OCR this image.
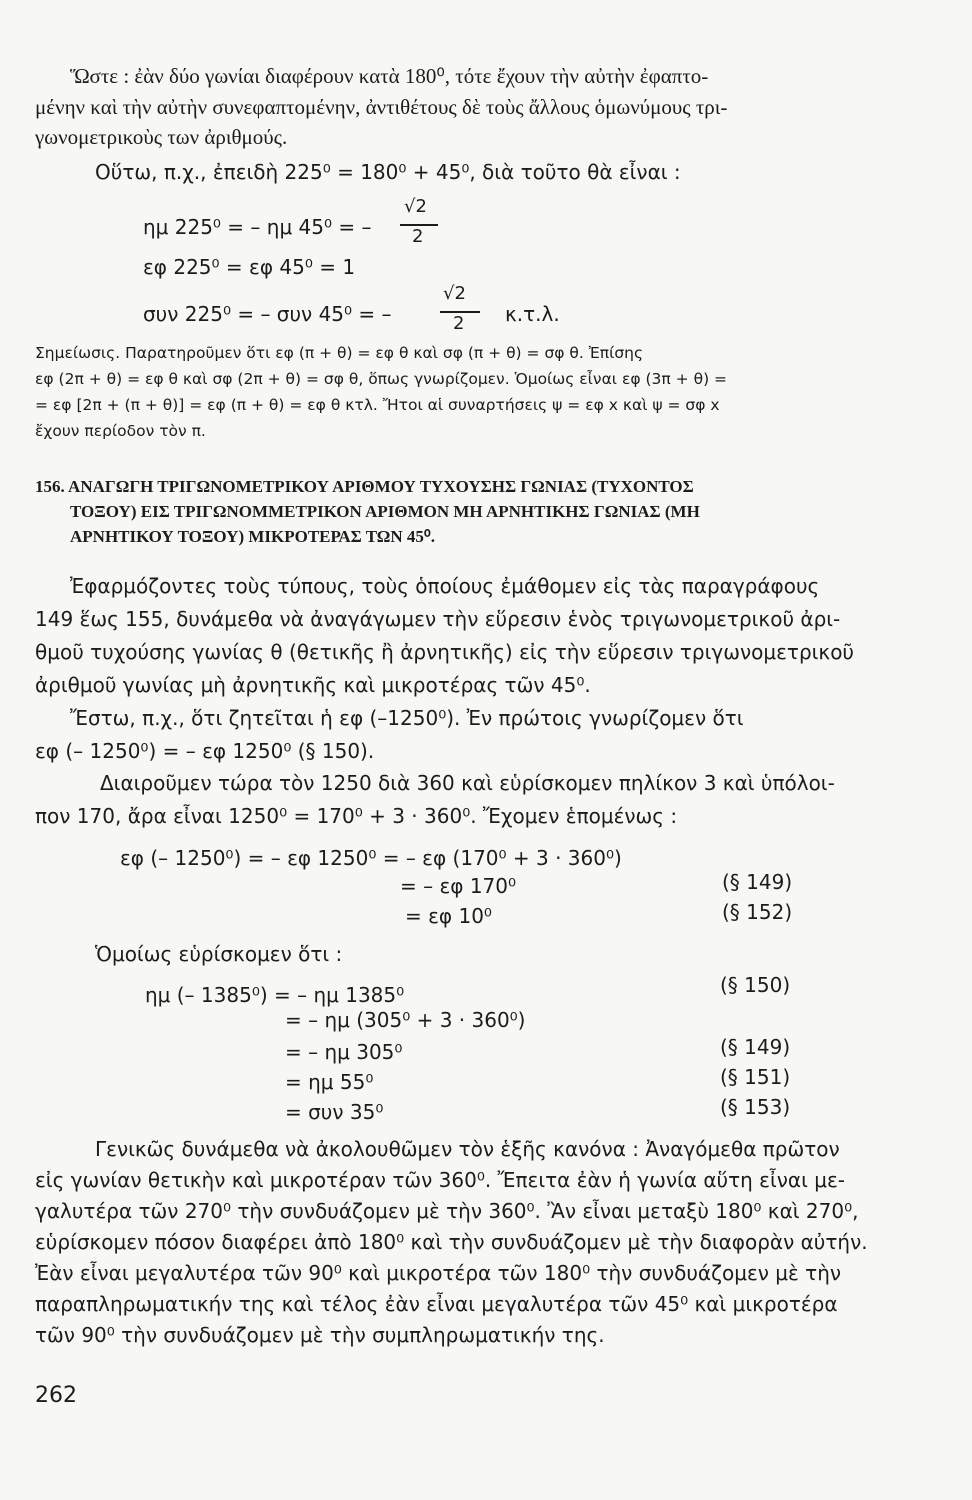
Ὥστε : ἐὰν δύο γωνίαι διαφέρουν κατὰ 180⁰, τότε ἔχουν τὴν αὐτὴν ἐφαπτο-
μένην καὶ τὴν αὐτὴν συνεφαπτομένην, ἀντιθέτους δὲ τοὺς ἄλλους ὁμωνύμους τρι-
γωνομετρικοὺς των ἀριθμούς.
Οὕτω, π.χ., ἐπειδὴ 225⁰ = 180⁰ + 45⁰, διὰ τοῦτο θὰ εἶναι :
ημ 225⁰ = – ημ 45⁰ = –
√2
2
εφ 225⁰ = εφ 45⁰ = 1
συν 225⁰ = – συν 45⁰ = –
√2
2 κ.τ.λ.
Σημείωσις. Παρατηροῦμεν ὅτι εφ (π + θ) = εφ θ καὶ σφ (π + θ) = σφ θ. Ἐπίσης
εφ (2π + θ) = εφ θ καὶ σφ (2π + θ) = σφ θ, ὅπως γνωρίζομεν. Ὁμοίως εἶναι εφ (3π + θ) =
= εφ [2π + (π + θ)] = εφ (π + θ) = εφ θ κτλ. Ἤτοι αἱ συναρτήσεις ψ = εφ x καὶ ψ = σφ x
ἔχουν περίοδον τὸν π.
156. ΑΝΑΓΩΓΗ ΤΡΙΓΩΝΟΜΕΤΡΙΚΟΥ ΑΡΙΘΜΟΥ ΤΥΧΟΥΣΗΣ ΓΩΝΙΑΣ (ΤΥΧΟΝΤΟΣ
ΤΟΞΟΥ) ΕΙΣ ΤΡΙΓΩΝΟΜΜΕΤΡΙΚΟΝ ΑΡΙΘΜΟΝ ΜΗ ΑΡΝΗΤΙΚΗΣ ΓΩΝΙΑΣ (ΜΗ
ΑΡΝΗΤΙΚΟΥ ΤΟΞΟΥ) ΜΙΚΡΟΤΕΡΑΣ ΤΩΝ 45⁰.
Ἐφαρμόζοντες τοὺς τύπους, τοὺς ὁποίους ἐμάθομεν εἰς τὰς παραγράφους
149 ἕως 155, δυνάμεθα νὰ ἀναγάγωμεν τὴν εὕρεσιν ἑνὸς τριγωνομετρικοῦ ἀρι-
θμοῦ τυχούσης γωνίας θ (θετικῆς ἢ ἀρνητικῆς) εἰς τὴν εὕρεσιν τριγωνομετρικοῦ
ἀριθμοῦ γωνίας μὴ ἀρνητικῆς καὶ μικροτέρας τῶν 45⁰.
Ἔστω, π.χ., ὅτι ζητεῖται ἡ εφ (–1250⁰). Ἐν πρώτοις γνωρίζομεν ὅτι
εφ (– 1250⁰) = – εφ 1250⁰ (§ 150).
Διαιροῦμεν τώρα τὸν 1250 διὰ 360 καὶ εὑρίσκομεν πηλίκον 3 καὶ ὑπόλοι-
πον 170, ἄρα εἶναι 1250⁰ = 170⁰ + 3 · 360⁰. Ἔχομεν ἑπομένως :
εφ (– 1250⁰) = – εφ 1250⁰ = – εφ (170⁰ + 3 · 360⁰)
= – εφ 170⁰	(§ 149)
= εφ 10⁰	(§ 152)
Ὁμοίως εὑρίσκομεν ὅτι :
ημ (– 1385⁰) = – ημ 1385⁰	(§ 150)
= – ημ (305⁰ + 3 · 360⁰)
= – ημ 305⁰	(§ 149)
= ημ 55⁰	(§ 151)
= συν 35⁰	(§ 153)
Γενικῶς δυνάμεθα νὰ ἀκολουθῶμεν τὸν ἑξῆς κανόνα : Ἀναγόμεθα πρῶτον
εἰς γωνίαν θετικὴν καὶ μικροτέραν τῶν 360⁰. Ἔπειτα ἐὰν ἡ γωνία αὕτη εἶναι με-
γαλυτέρα τῶν 270⁰ τὴν συνδυάζομεν μὲ τὴν 360⁰. Ἂν εἶναι μεταξὺ 180⁰ καὶ 270⁰,
εὑρίσκομεν πόσον διαφέρει ἀπὸ 180⁰ καὶ τὴν συνδυάζομεν μὲ τὴν διαφορὰν αὐτήν.
Ἐὰν εἶναι μεγαλυτέρα τῶν 90⁰ καὶ μικροτέρα τῶν 180⁰ τὴν συνδυάζομεν μὲ τὴν
παραπληρωματικήν της καὶ τέλος ἐὰν εἶναι μεγαλυτέρα τῶν 45⁰ καὶ μικροτέρα
τῶν 90⁰ τὴν συνδυάζομεν μὲ τὴν συμπληρωματικήν της.
262
